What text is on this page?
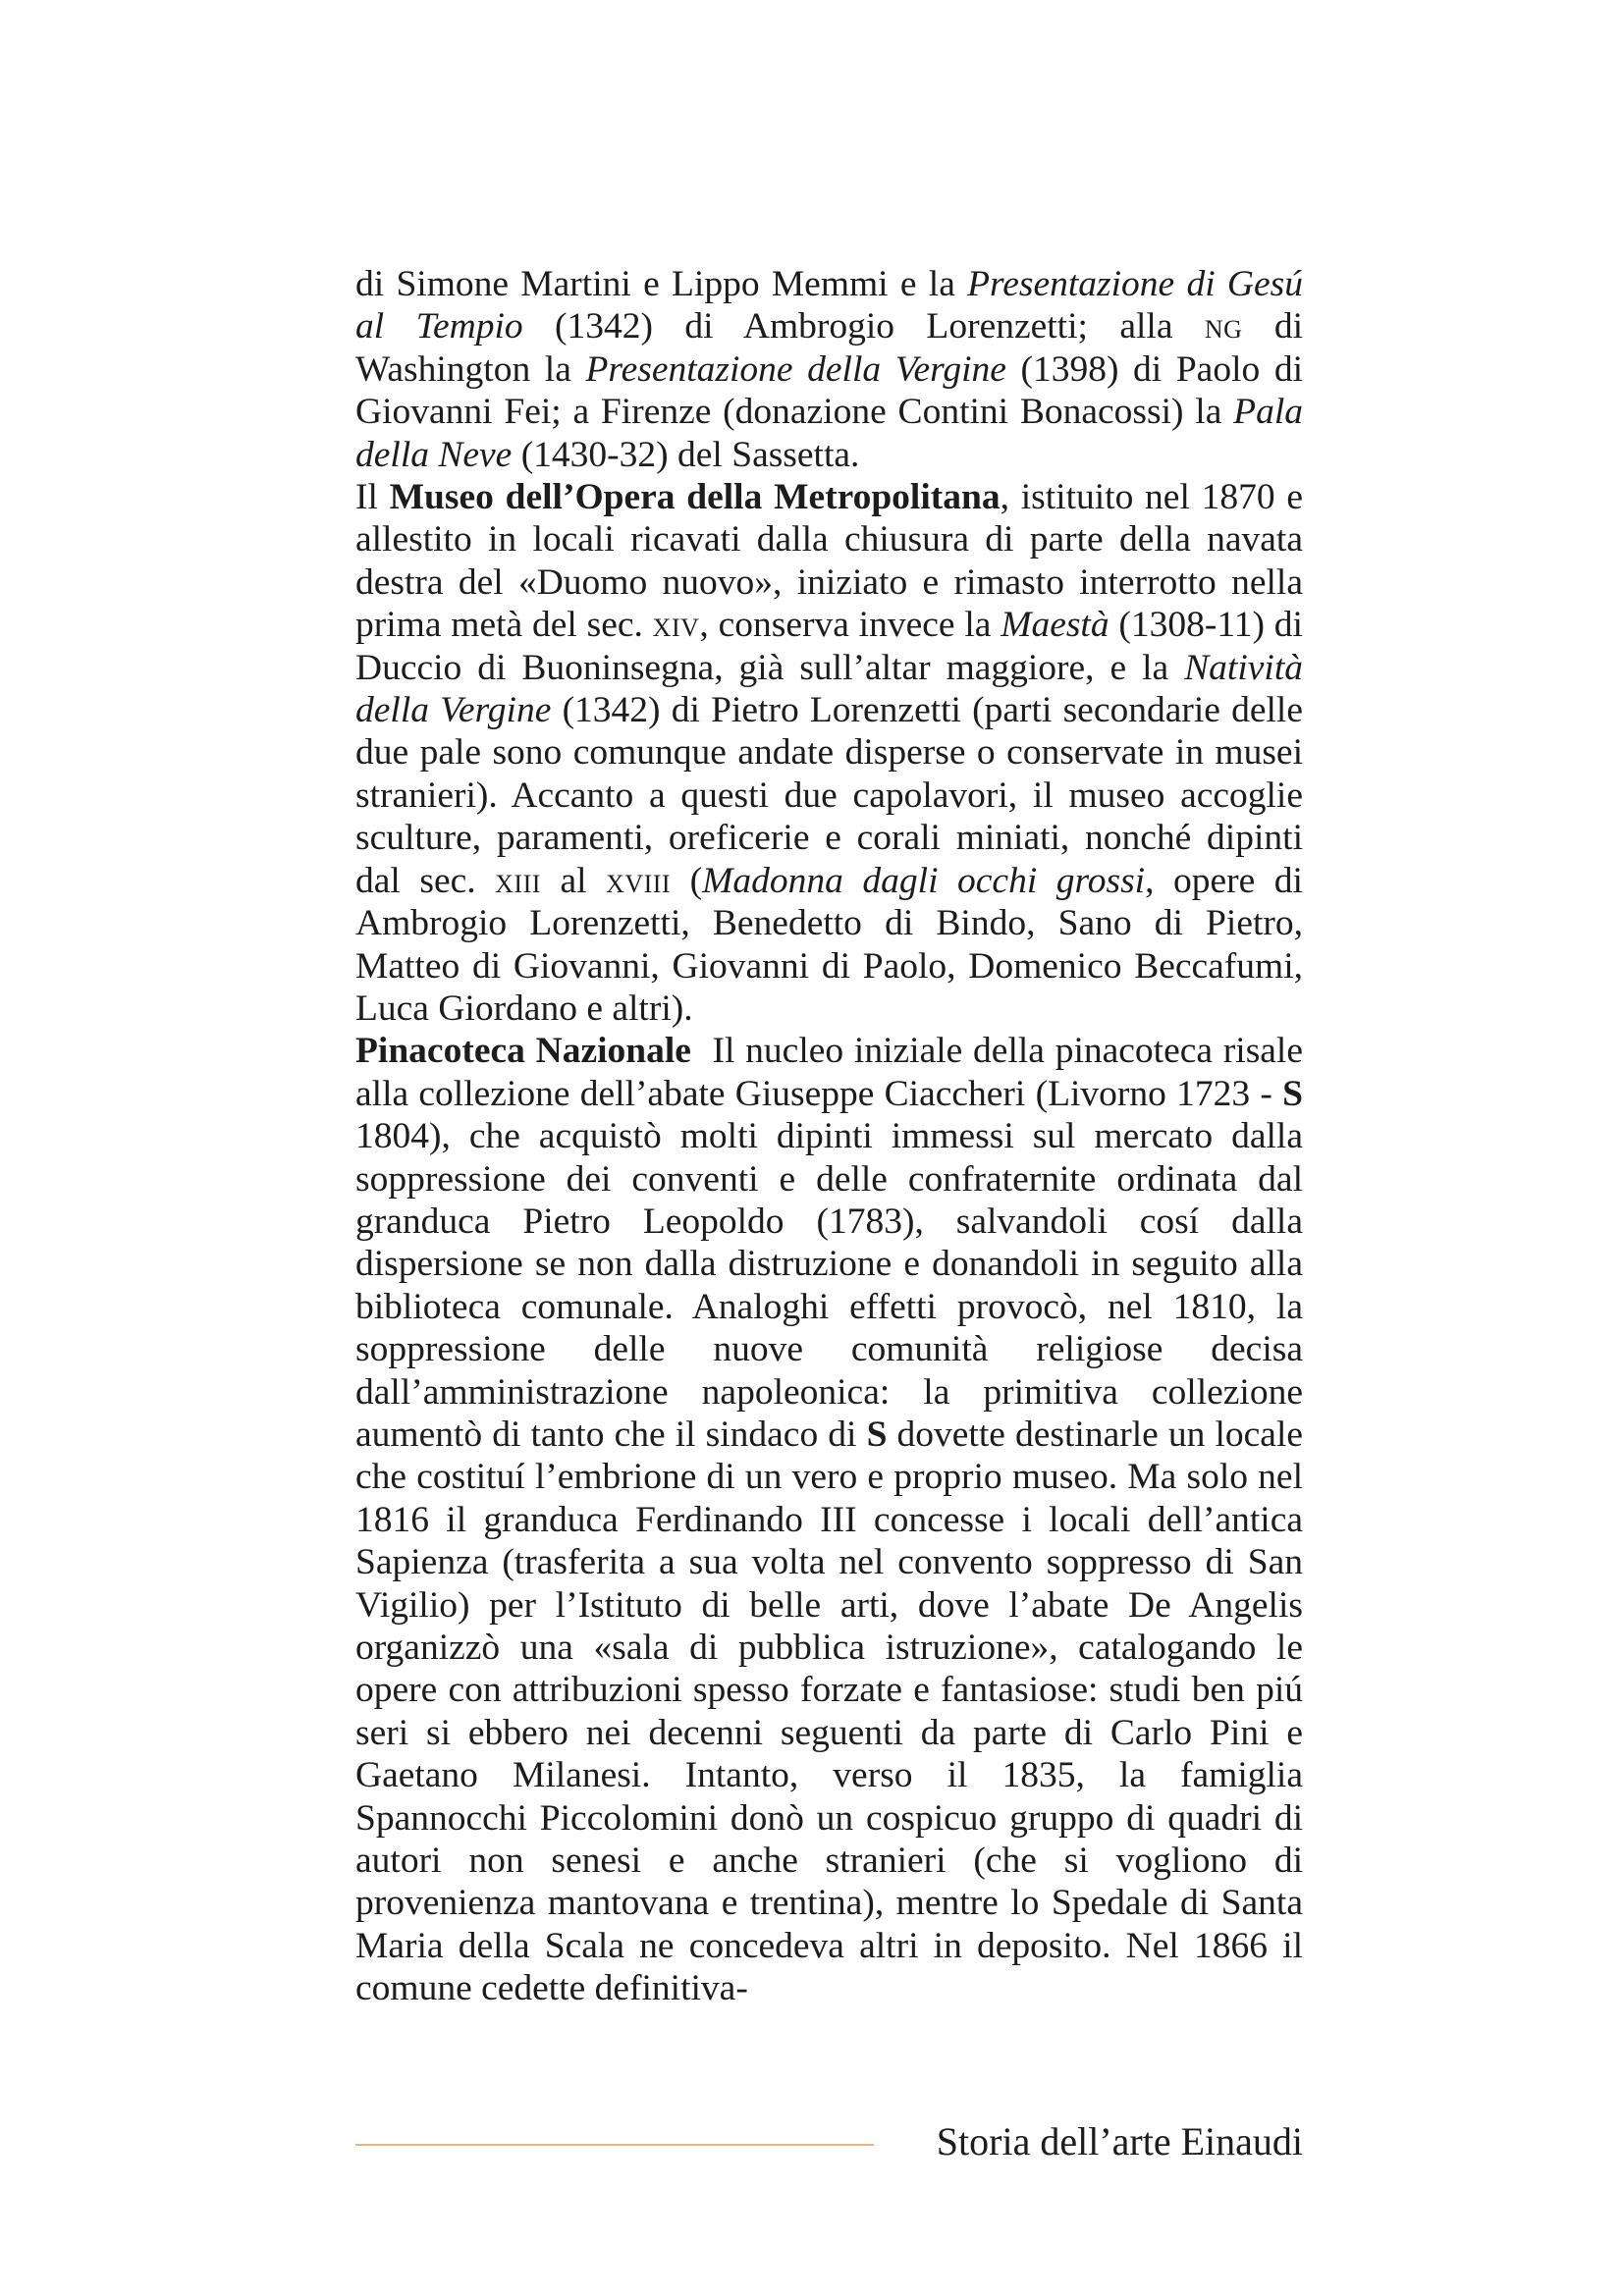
di Simone Martini e Lippo Memmi e la Presentazione di Gesú al Tempio (1342) di Ambrogio Lorenzetti; alla ng di Washington la Presentazione della Vergine (1398) di Paolo di Giovanni Fei; a Firenze (donazione Contini Bonacossi) la Pala della Neve (1430-32) del Sassetta.

Il Museo dell’Opera della Metropolitana, istituito nel 1870 e allestito in locali ricavati dalla chiusura di parte della navata destra del «Duomo nuovo», iniziato e rimasto interrotto nella prima metà del sec. xiv, conserva invece la Maestà (1308-11) di Duccio di Buoninsegna, già sull’altar maggiore, e la Natività della Vergine (1342) di Pietro Lorenzetti (parti secondarie delle due pale sono comunque andate disperse o conservate in musei stranieri). Accanto a questi due capolavori, il museo accoglie sculture, paramenti, oreficerie e corali miniati, nonché dipinti dal sec. xiii al xviii (Madonna dagli occhi grossi, opere di Ambrogio Lorenzetti, Benedetto di Bindo, Sano di Pietro, Matteo di Giovanni, Giovanni di Paolo, Domenico Beccafumi, Luca Giordano e altri).

Pinacoteca Nazionale  Il nucleo iniziale della pinacoteca risale alla collezione dell’abate Giuseppe Ciaccheri (Livorno 1723 - S 1804), che acquistò molti dipinti immessi sul mercato dalla soppressione dei conventi e delle confraternite ordinata dal granduca Pietro Leopoldo (1783), salvandoli cosí dalla dispersione se non dalla distruzione e donandoli in seguito alla biblioteca comunale. Analoghi effetti provocò, nel 1810, la soppressione delle nuove comunità religiose decisa dall’amministrazione napoleonica: la primitiva collezione aumentò di tanto che il sindaco di S dovette destinarle un locale che costituí l’embrione di un vero e proprio museo. Ma solo nel 1816 il granduca Ferdinando III concesse i locali dell’antica Sapienza (trasferita a sua volta nel convento soppresso di San Vigilio) per l’Istituto di belle arti, dove l’abate De Angelis organizzò una «sala di pubblica istruzione», catalogando le opere con attribuzioni spesso forzate e fantasiose: studi ben piú seri si ebbero nei decenni seguenti da parte di Carlo Pini e Gaetano Milanesi. Intanto, verso il 1835, la famiglia Spannocchi Piccolomini donò un cospicuo gruppo di quadri di autori non senesi e anche stranieri (che si vogliono di provenienza mantovana e trentina), mentre lo Spedale di Santa Maria della Scala ne concedeva altri in deposito. Nel 1866 il comune cedette definitiva-

Storia dell’arte Einaudi
